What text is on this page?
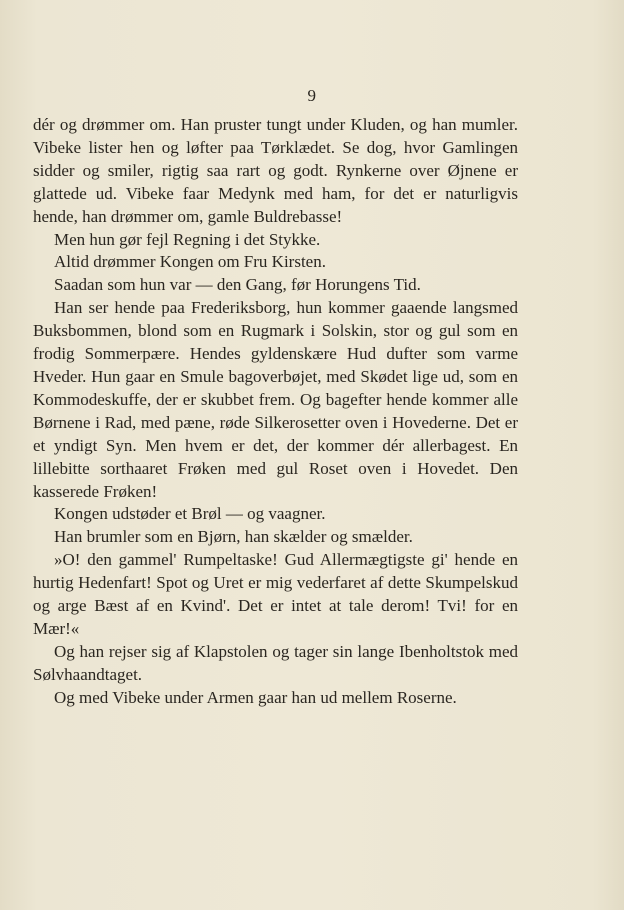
9

dér og drømmer om. Han pruster tungt under Kluden, og han mumler. Vibeke lister hen og løfter paa Tørklædet. Se dog, hvor Gamlingen sidder og smiler, rigtig saa rart og godt. Rynkerne over Øjnene er glattede ud. Vibeke faar Medynk med ham, for det er naturligvis hende, han drømmer om, gamle Buldrebasse!

Men hun gør fejl Regning i det Stykke.

Altid drømmer Kongen om Fru Kirsten.

Saadan som hun var — den Gang, før Horungens Tid.

Han ser hende paa Frederiksborg, hun kommer gaaende langsmed Buksbommen, blond som en Rugmark i Solskin, stor og gul som en frodig Sommerpære. Hendes gyldenskære Hud dufter som varme Hveder. Hun gaar en Smule bagoverbøjet, med Skødet lige ud, som en Kommodeskuffe, der er skubbet frem. Og bagefter hende kommer alle Børnene i Rad, med pæne, røde Silkerosetter oven i Hovederne. Det er et yndigt Syn. Men hvem er det, der kommer dér allerbagest. En lillebitte sorthaaret Frøken med gul Roset oven i Hovedet. Den kasserede Frøken!

Kongen udstøder et Brøl — og vaagner.

Han brumler som en Bjørn, han skælder og smælder.

»O! den gammel' Rumpeltaske! Gud Allermægtigste gi' hende en hurtig Hedenfart! Spot og Uret er mig vederfaret af dette Skumpelskud og arge Bæst af en Kvind'. Det er intet at tale derom! Tvi! for en Mær!«

Og han rejser sig af Klapstolen og tager sin lange Ibenholtstok med Sølvhaandtaget.

Og med Vibeke under Armen gaar han ud mellem Roserne.
